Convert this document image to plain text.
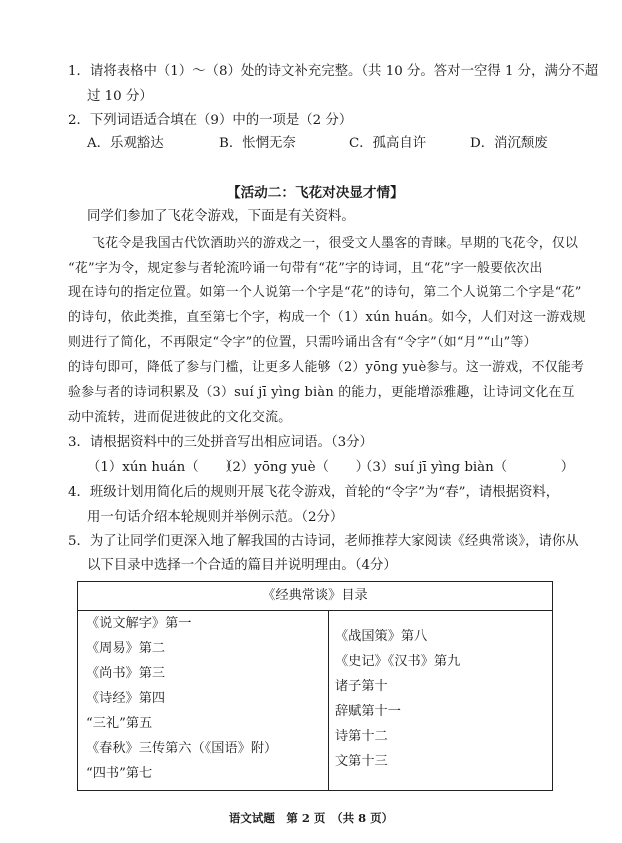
1．请将表格中（1）～（8）处的诗文补充完整。（共 10 分。答对一空得 1 分，满分不超
过 10 分）
2．下列词语适合填在（9）中的一项是（2 分）
A．乐观豁达	B．怅惘无奈	C．孤高自许	D．消沉颓废
【活动二：飞花对决显才情】
同学们参加了飞花令游戏，下面是有关资料。
飞花令是我国古代饮酒助兴的游戏之一，很受文人墨客的青睐。早期的飞花令，仅以
“花”字为令，规定参与者轮流吟诵一句带有“花”字的诗词，且“花”字一般要依次出
现在诗句的指定位置。如第一个人说第一个字是“花”的诗句，第二个人说第二个字是“花”
的诗句，依此类推，直至第七个字，构成一个（1）xún huán。如今，人们对这一游戏规
则进行了简化，不再限定“令字”的位置，只需吟诵出含有“令字”（如“月”“山”等）
的诗句即可，降低了参与门槛，让更多人能够（2）yōng yuè参与。这一游戏，不仅能考
验参与者的诗词积累及（3）suí jī yìng biàn 的能力，更能增添雅趣，让诗词文化在互
动中流转，进而促进彼此的文化交流。
3．请根据资料中的三处拼音写出相应词语。（3分）
（1）xún huán（　　）
（2）yōng yuè（　　）
（3）suí jī yìng biàn（　　　　）
4．班级计划用简化后的规则开展飞花令游戏，首轮的“令字”为“春”，请根据资料，
用一句话介绍本轮规则并举例示范。（2分）
5．为了让同学们更深入地了解我国的古诗词，老师推荐大家阅读《经典常谈》，请你从
以下目录中选择一个合适的篇目并说明理由。（4分）
《经典常谈》目录

《说文解字》第一
《周易》第二
《尚书》第三
《诗经》第四
“三礼”第五
《春秋》三传第六（《国语》附）
“四书”第七

《战国策》第八
《史记》《汉书》第九
诸子第十
辞赋第十一
诗第十二
文第十三
语文试题　第 2 页　（共 8 页）
